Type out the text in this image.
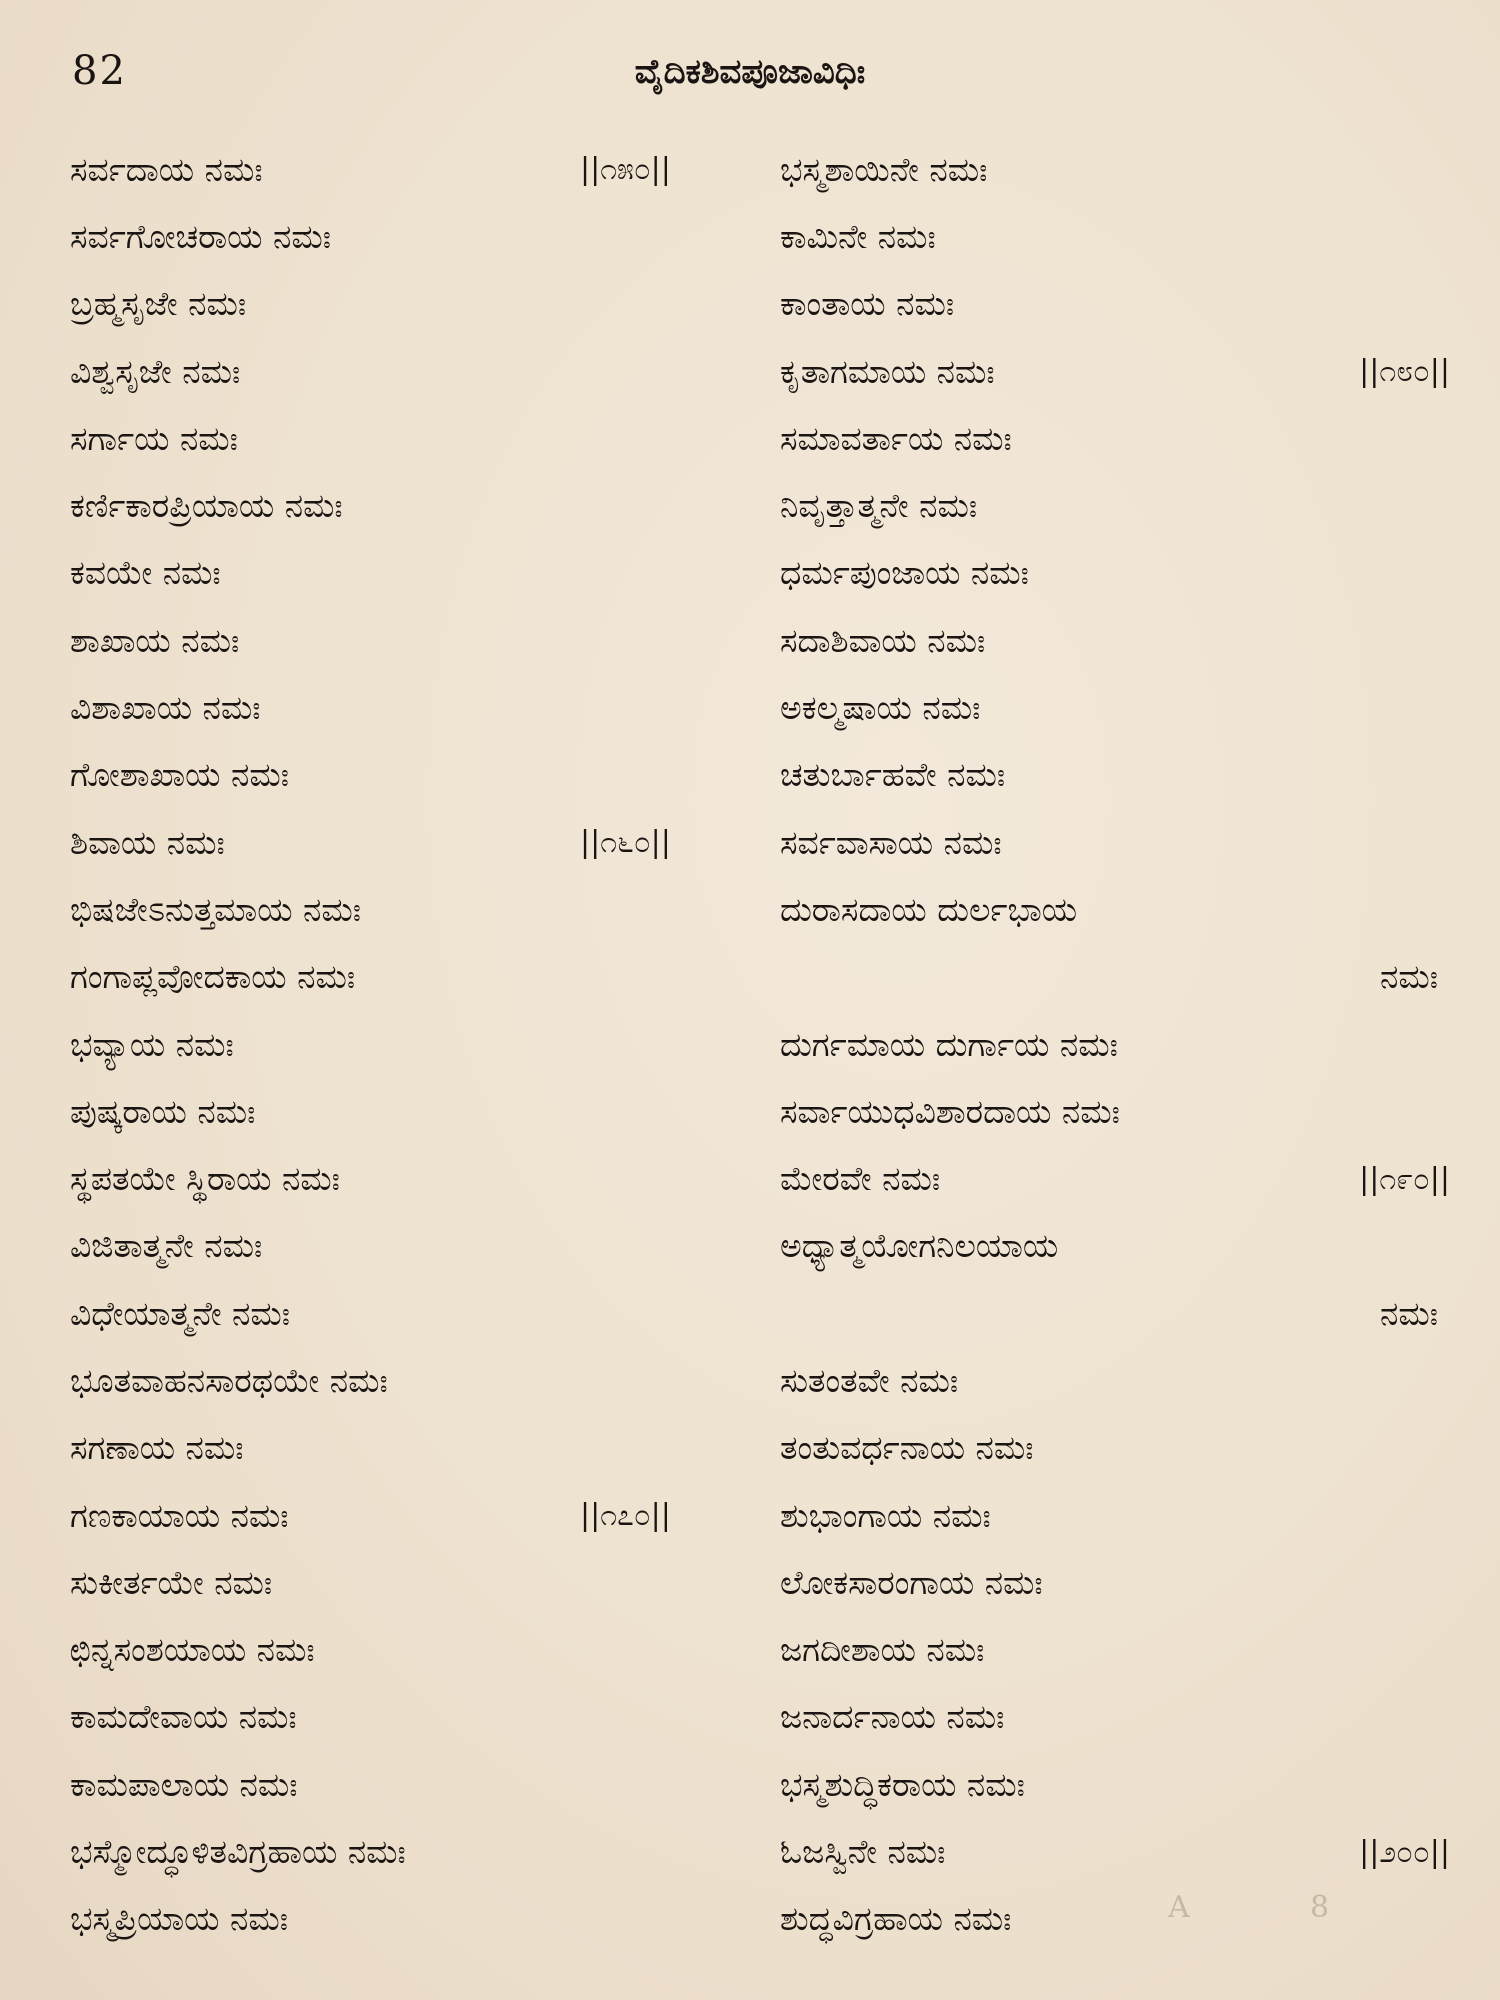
82	ವೈದಿಕಶಿವಪೂಜಾವಿಧಿಃ
ಸರ್ವದಾಯ ನಮಃ	||೧೫೦||
ಸರ್ವಗೋಚರಾಯ ನಮಃ
ಬ್ರಹ್ಮಸೃಜೇ ನಮಃ
ವಿಶ್ವಸೃಜೇ ನಮಃ
ಸರ್ಗಾಯ ನಮಃ
ಕರ್ಣಿಕಾರಪ್ರಿಯಾಯ ನಮಃ
ಕವಯೇ ನಮಃ
ಶಾಖಾಯ ನಮಃ
ವಿಶಾಖಾಯ ನಮಃ
ಗೋಶಾಖಾಯ ನಮಃ
ಶಿವಾಯ ನಮಃ	||೧೬೦||
ಭಿಷಜೇಽನುತ್ತಮಾಯ ನಮಃ
ಗಂಗಾಪ್ಲವೋದಕಾಯ ನಮಃ
ಭವ್ಯಾಯ ನಮಃ
ಪುಷ್ಕರಾಯ ನಮಃ
ಸ್ಥಪತಯೇ ಸ್ಥಿರಾಯ ನಮಃ
ವಿಜಿತಾತ್ಮನೇ ನಮಃ
ವಿಧೇಯಾತ್ಮನೇ ನಮಃ
ಭೂತವಾಹನಸಾರಥಯೇ ನಮಃ
ಸಗಣಾಯ ನಮಃ
ಗಣಕಾಯಾಯ ನಮಃ	||೧೭೦||
ಸುಕೀರ್ತಯೇ ನಮಃ
ಛಿನ್ನಸಂಶಯಾಯ ನಮಃ
ಕಾಮದೇವಾಯ ನಮಃ
ಕಾಮಪಾಲಾಯ ನಮಃ
ಭಸ್ಮೋದ್ಧೂಳಿತವಿಗ್ರಹಾಯ ನಮಃ
ಭಸ್ಮಪ್ರಿಯಾಯ ನಮಃ
ಭಸ್ಮಶಾಯಿನೇ ನಮಃ
ಕಾಮಿನೇ ನಮಃ
ಕಾಂತಾಯ ನಮಃ
ಕೃತಾಗಮಾಯ ನಮಃ	||೧೮೦||
ಸಮಾವರ್ತಾಯ ನಮಃ
ನಿವೃತ್ತಾತ್ಮನೇ ನಮಃ
ಧರ್ಮಪುಂಜಾಯ ನಮಃ
ಸದಾಶಿವಾಯ ನಮಃ
ಅಕಲ್ಮಷಾಯ ನಮಃ
ಚತುರ್ಬಾಹವೇ ನಮಃ
ಸರ್ವವಾಸಾಯ ನಮಃ
ದುರಾಸದಾಯ ದುರ್ಲಭಾಯ
ನಮಃ
ದುರ್ಗಮಾಯ ದುರ್ಗಾಯ ನಮಃ
ಸರ್ವಾಯುಧವಿಶಾರದಾಯ ನಮಃ
ಮೇರವೇ ನಮಃ	||೧೯೦||
ಅಧ್ಯಾತ್ಮಯೋಗನಿಲಯಾಯ
ನಮಃ
ಸುತಂತವೇ ನಮಃ
ತಂತುವರ್ಧನಾಯ ನಮಃ
ಶುಭಾಂಗಾಯ ನಮಃ
ಲೋಕಸಾರಂಗಾಯ ನಮಃ
ಜಗದೀಶಾಯ ನಮಃ
ಜನಾರ್ದನಾಯ ನಮಃ
ಭಸ್ಮಶುದ್ಧಿಕರಾಯ ನಮಃ
ಓಜಸ್ವಿನೇ ನಮಃ	||೨೦೦||
ಶುದ್ಧವಿಗ್ರಹಾಯ ನಮಃ	A	8
